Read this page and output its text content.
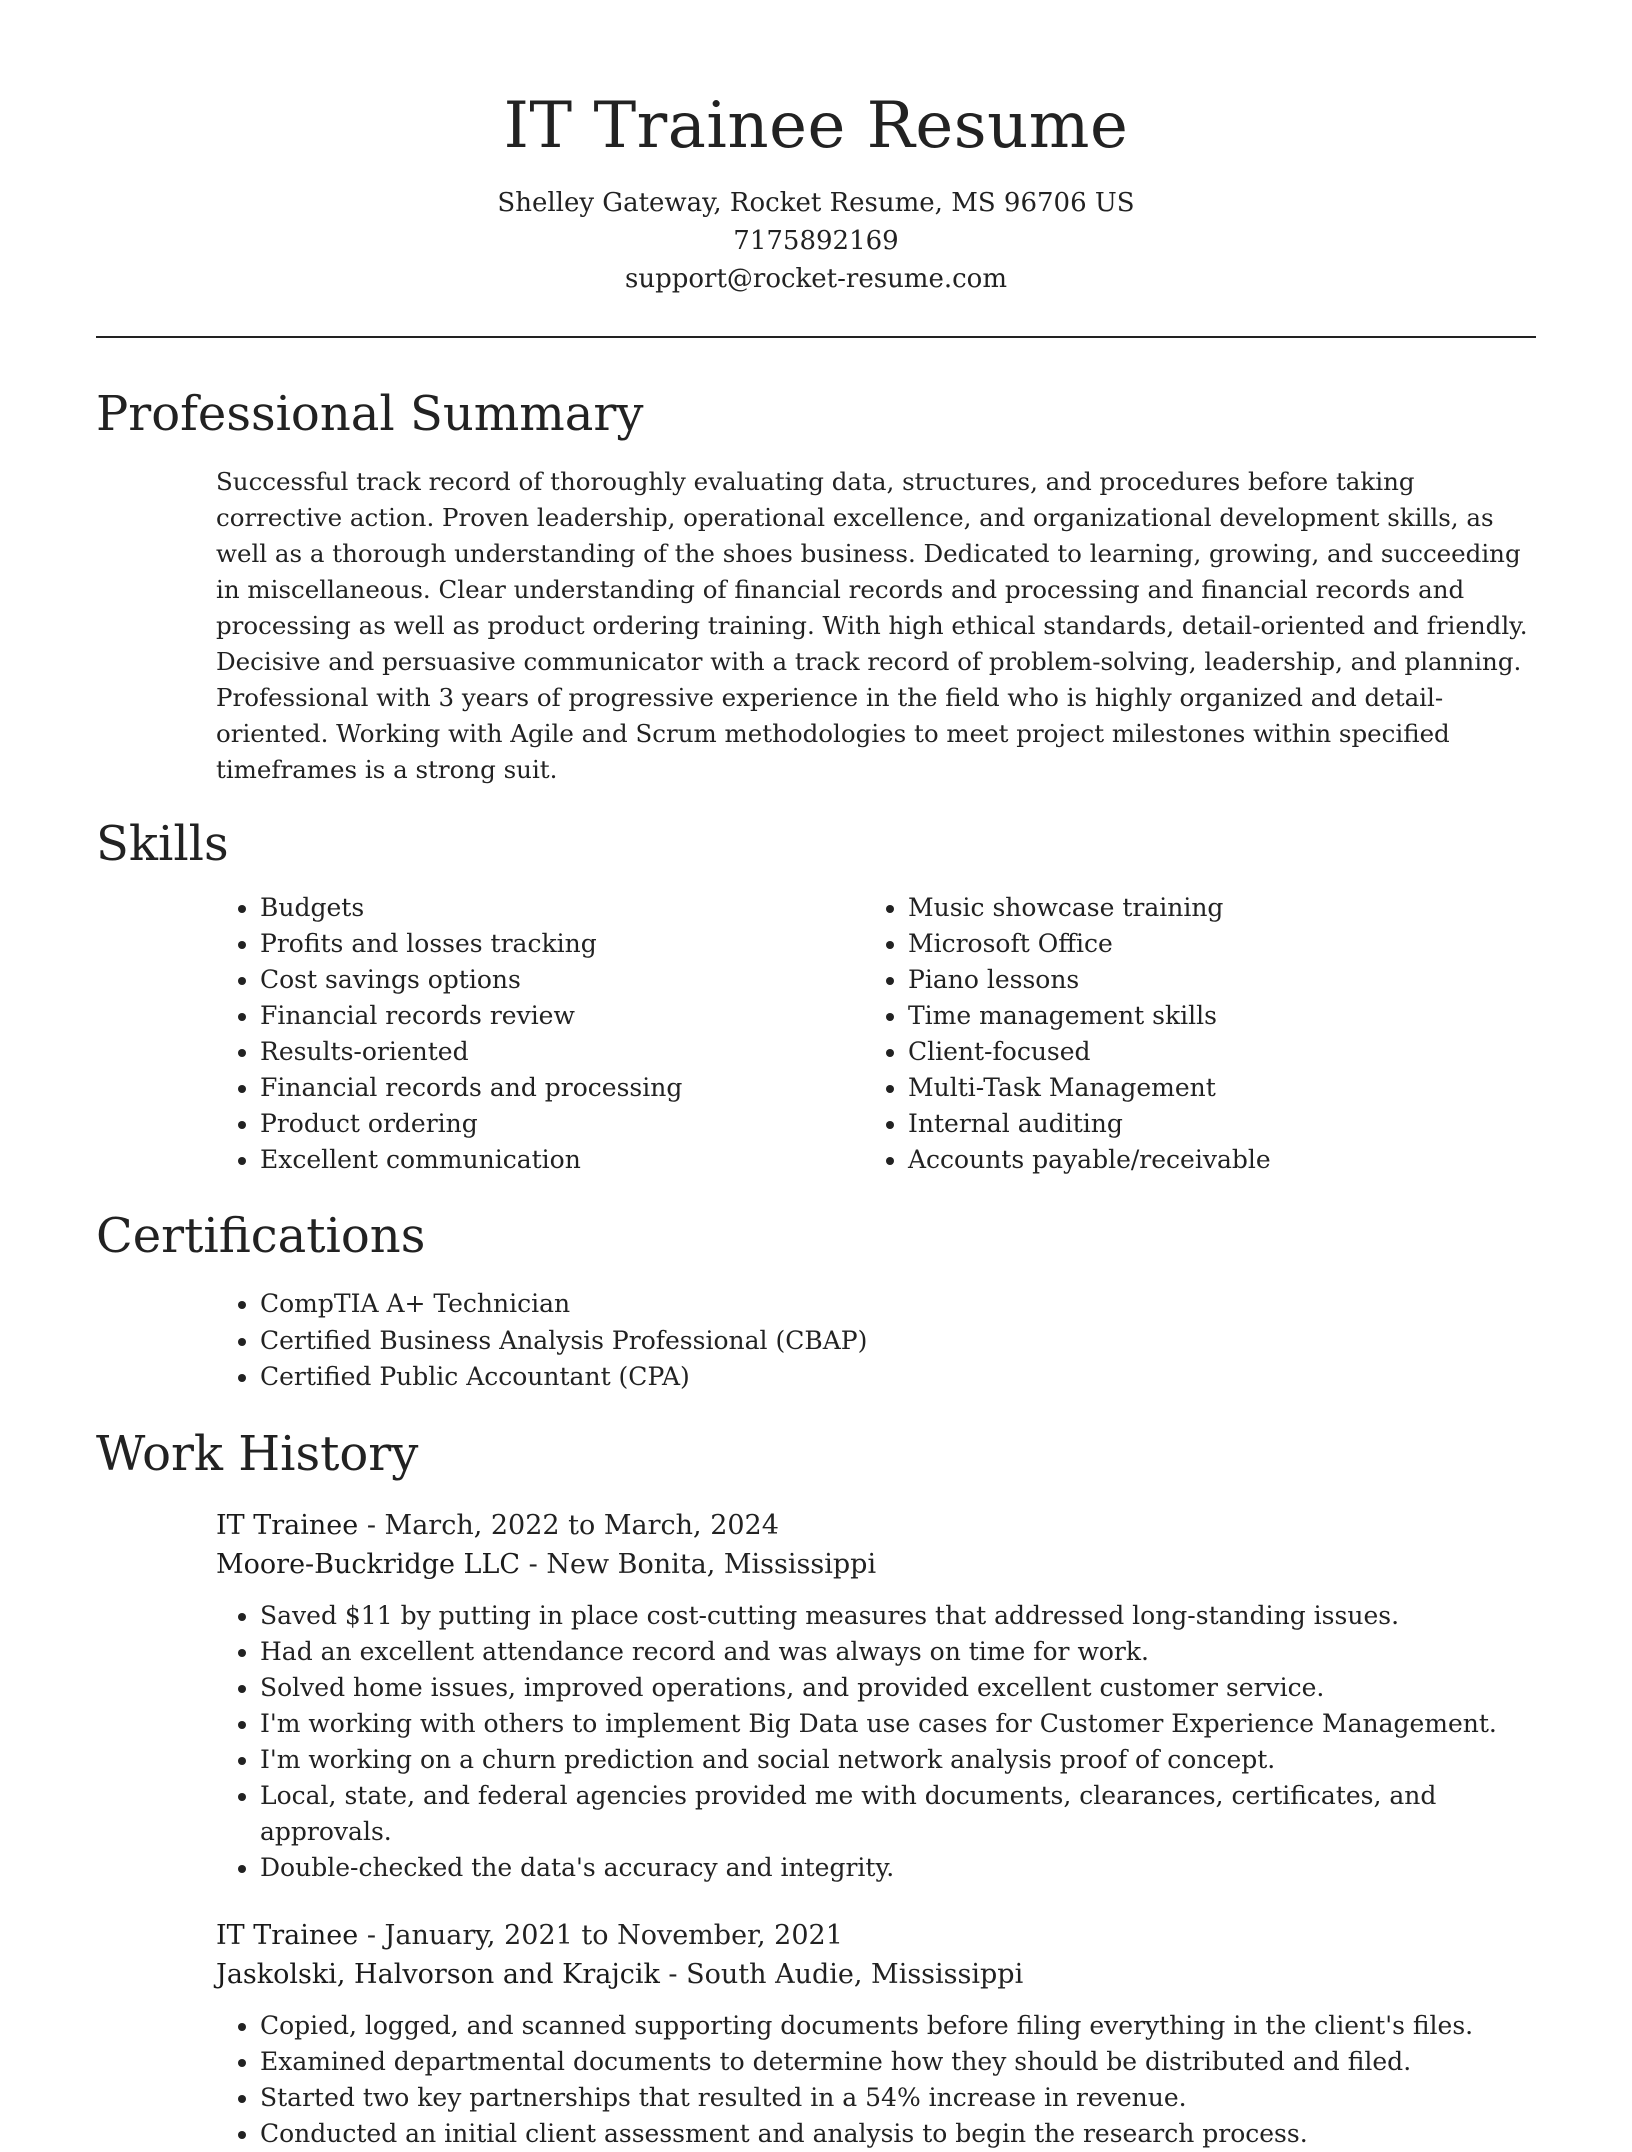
IT Trainee Resume
Shelley Gateway, Rocket Resume, MS 96706 US
7175892169
support@rocket-resume.com
Professional Summary

Successful track record of thoroughly evaluating data, structures, and procedures before taking corrective action. Proven leadership, operational excellence, and organizational development skills, as well as a thorough understanding of the shoes business. Dedicated to learning, growing, and succeeding in miscellaneous. Clear understanding of financial records and processing and financial records and processing as well as product ordering training. With high ethical standards, detail-oriented and friendly. Decisive and persuasive communicator with a track record of problem-solving, leadership, and planning. Professional with 3 years of progressive experience in the field who is highly organized and detail-oriented. Working with Agile and Scrum methodologies to meet project milestones within specified timeframes is a strong suit.

Skills
• Budgets
• Profits and losses tracking
• Cost savings options
• Financial records review
• Results-oriented
• Financial records and processing
• Product ordering
• Excellent communication
• Music showcase training
• Microsoft Office
• Piano lessons
• Time management skills
• Client-focused
• Multi-Task Management
• Internal auditing
• Accounts payable/receivable
Certifications
• CompTIA A+ Technician
• Certified Business Analysis Professional (CBAP)
• Certified Public Accountant (CPA)
Work History
IT Trainee - March, 2022 to March, 2024
Moore-Buckridge LLC - New Bonita, Mississippi
• Saved $11 by putting in place cost-cutting measures that addressed long-standing issues.
• Had an excellent attendance record and was always on time for work.
• Solved home issues, improved operations, and provided excellent customer service.
• I'm working with others to implement Big Data use cases for Customer Experience Management.
• I'm working on a churn prediction and social network analysis proof of concept.
• Local, state, and federal agencies provided me with documents, clearances, certificates, and approvals.
• Double-checked the data's accuracy and integrity.
IT Trainee - January, 2021 to November, 2021
Jaskolski, Halvorson and Krajcik - South Audie, Mississippi
• Copied, logged, and scanned supporting documents before filing everything in the client's files.
• Examined departmental documents to determine how they should be distributed and filed.
• Started two key partnerships that resulted in a 54% increase in revenue.
• Conducted an initial client assessment and analysis to begin the research process.
